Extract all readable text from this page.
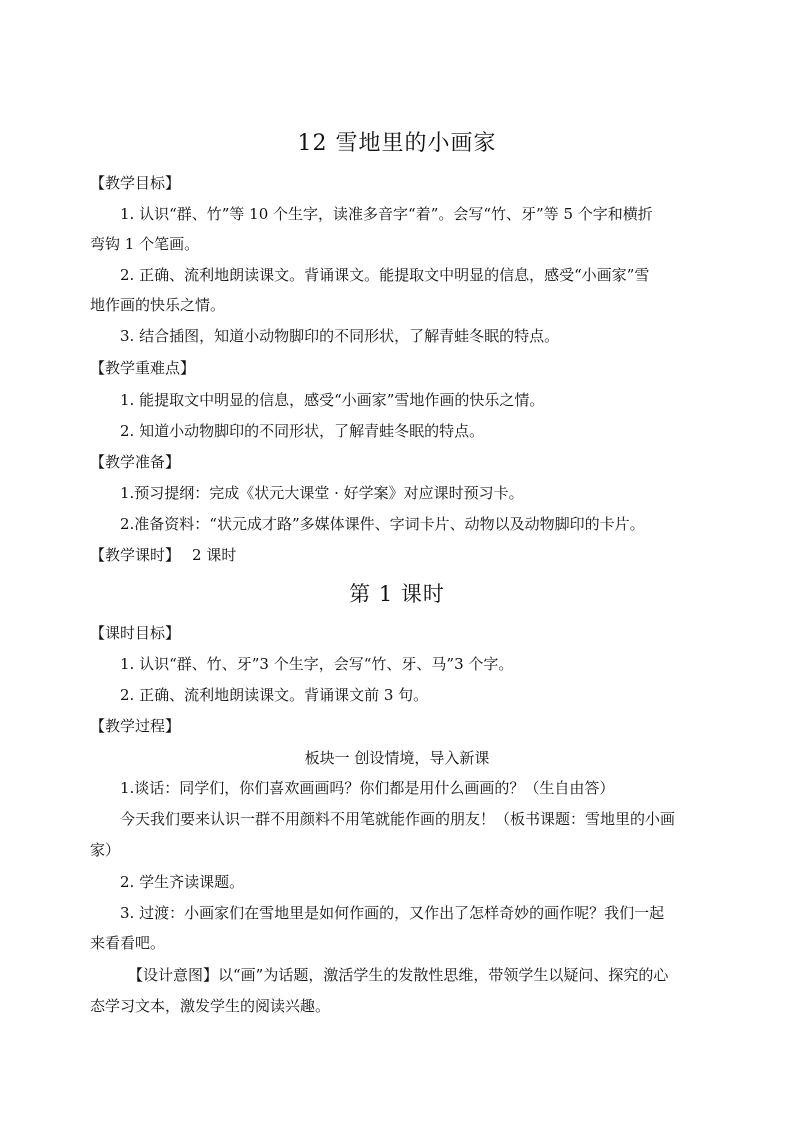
12 雪地里的小画家
【教学目标】
1. 认识“群、竹”等 10 个生字，读准多音字“着”。会写“竹、牙”等 5 个字和横折
弯钩 1 个笔画。
2. 正确、流利地朗读课文。背诵课文。能提取文中明显的信息，感受“小画家”雪
地作画的快乐之情。
3. 结合插图，知道小动物脚印的不同形状，了解青蛙冬眠的特点。
【教学重难点】
1. 能提取文中明显的信息，感受“小画家”雪地作画的快乐之情。
2. 知道小动物脚印的不同形状，了解青蛙冬眠的特点。
【教学准备】
1.预习提纲：完成《状元大课堂 · 好学案》对应课时预习卡。
2.准备资料：“状元成才路”多媒体课件、字词卡片、动物以及动物脚印的卡片。
【教学课时】 2 课时
第 1 课时
【课时目标】
1. 认识“群、竹、牙”3 个生字，会写“竹、牙、马”3 个字。
2. 正确、流利地朗读课文。背诵课文前 3 句。
【教学过程】
板块一 创设情境，导入新课
1.谈话：同学们，你们喜欢画画吗？你们都是用什么画画的？（生自由答）
今天我们要来认识一群不用颜料不用笔就能作画的朋友！（板书课题：雪地里的小画
家）
2. 学生齐读课题。
3. 过渡：小画家们在雪地里是如何作画的，又作出了怎样奇妙的画作呢？我们一起
来看看吧。
【设计意图】以“画”为话题，激活学生的发散性思维，带领学生以疑问、探究的心
态学习文本，激发学生的阅读兴趣。
